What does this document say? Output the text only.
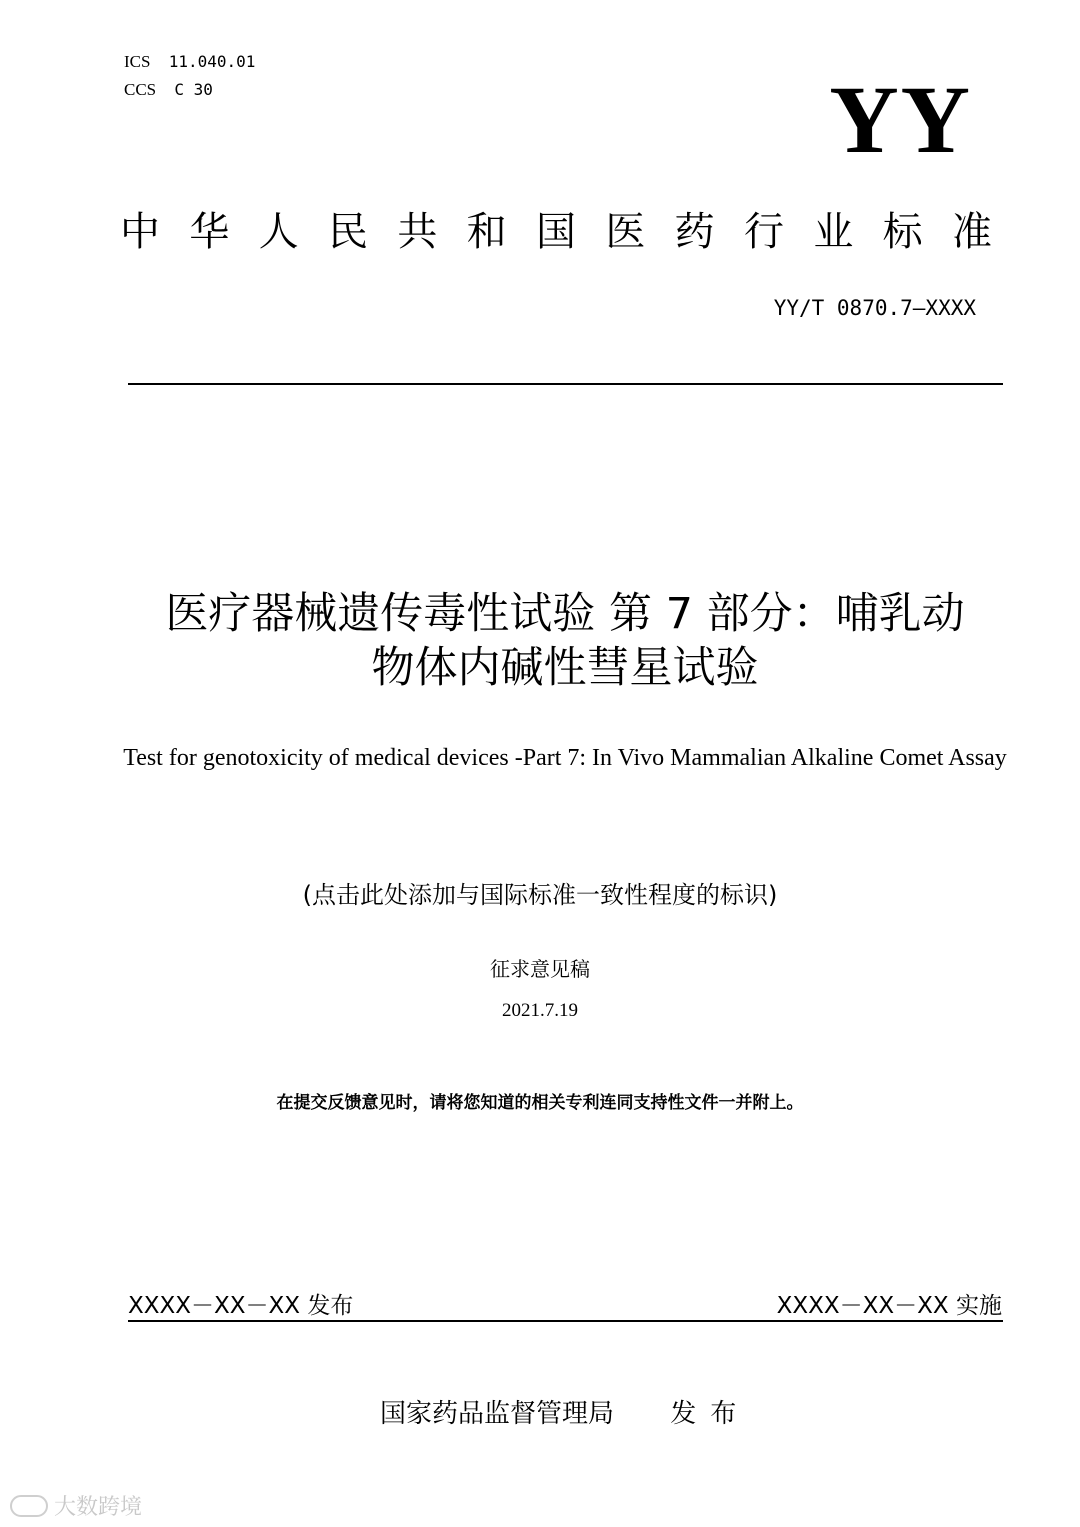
ICS 11.040.01
CCS C 30	YY
中华人民共和国医药行业标准
YY/T 0870.7—XXXX
医疗器械遗传毒性试验 第 7 部分：哺乳动
物体内碱性彗星试验
Test for genotoxicity of medical devices -Part 7: In Vivo Mammalian Alkaline Comet Assay
(点击此处添加与国际标准一致性程度的标识)
征求意见稿
2021.7.19
在提交反馈意见时，请将您知道的相关专利连同支持性文件一并附上。
XXXX－XX－XX 发布	XXXX－XX－XX 实施
国家药品监督管理局 发布
大数跨境
